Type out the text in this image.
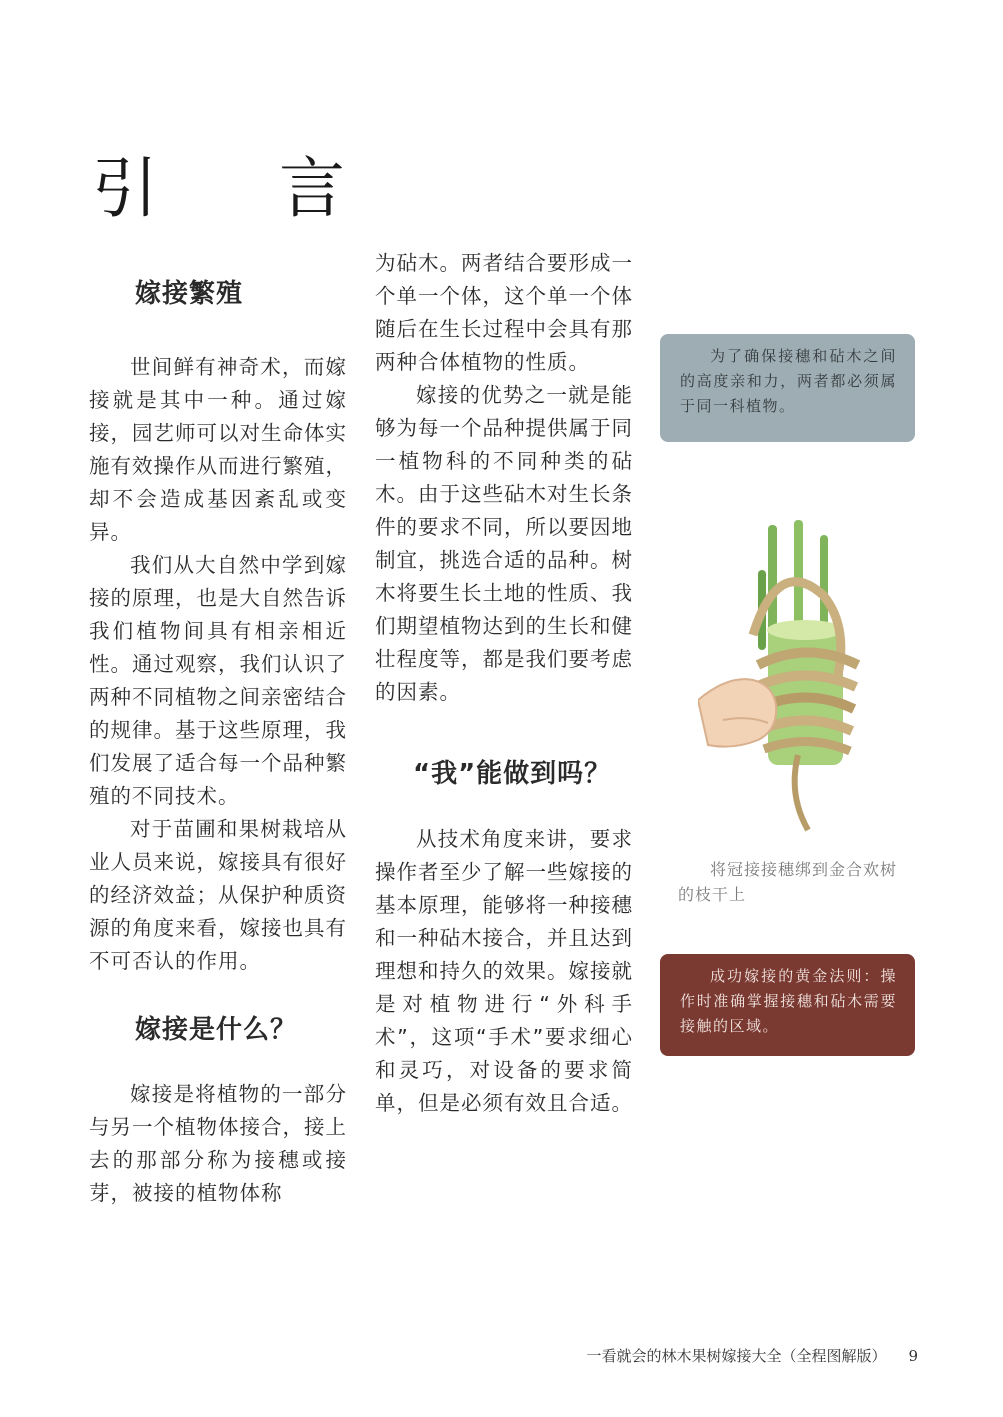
引 言
嫁接繁殖

世间鲜有神奇术，而嫁接就是其中一种。通过嫁接，园艺师可以对生命体实施有效操作从而进行繁殖，却不会造成基因紊乱或变异。

我们从大自然中学到嫁接的原理，也是大自然告诉我们植物间具有相亲相近性。通过观察，我们认识了两种不同植物之间亲密结合的规律。基于这些原理，我们发展了适合每一个品种繁殖的不同技术。

对于苗圃和果树栽培从业人员来说，嫁接具有很好的经济效益；从保护种质资源的角度来看，嫁接也具有不可否认的作用。

嫁接是什么？

嫁接是将植物的一部分与另一个植物体接合，接上去的那部分称为接穗或接芽，被接的植物体称

为砧木。两者结合要形成一个单一个体，这个单一个体随后在生长过程中会具有那两种合体植物的性质。

嫁接的优势之一就是能够为每一个品种提供属于同一植物科的不同种类的砧木。由于这些砧木对生长条件的要求不同，所以要因地制宜，挑选合适的品种。树木将要生长土地的性质、我们期望植物达到的生长和健壮程度等，都是我们要考虑的因素。

“我”能做到吗？

从技术角度来讲，要求操作者至少了解一些嫁接的基本原理，能够将一种接穗和一种砧木接合，并且达到理想和持久的效果。嫁接就是对植物进行“外科手术”，这项“手术”要求细心和灵巧，对设备的要求简单，但是必须有效且合适。

为了确保接穗和砧木之间的高度亲和力，两者都必须属于同一科植物。

将冠接接穗绑到金合欢树的枝干上

成功嫁接的黄金法则：操作时准确掌握接穗和砧木需要接触的区域。

一看就会的林木果树嫁接大全（全程图解版） 9
